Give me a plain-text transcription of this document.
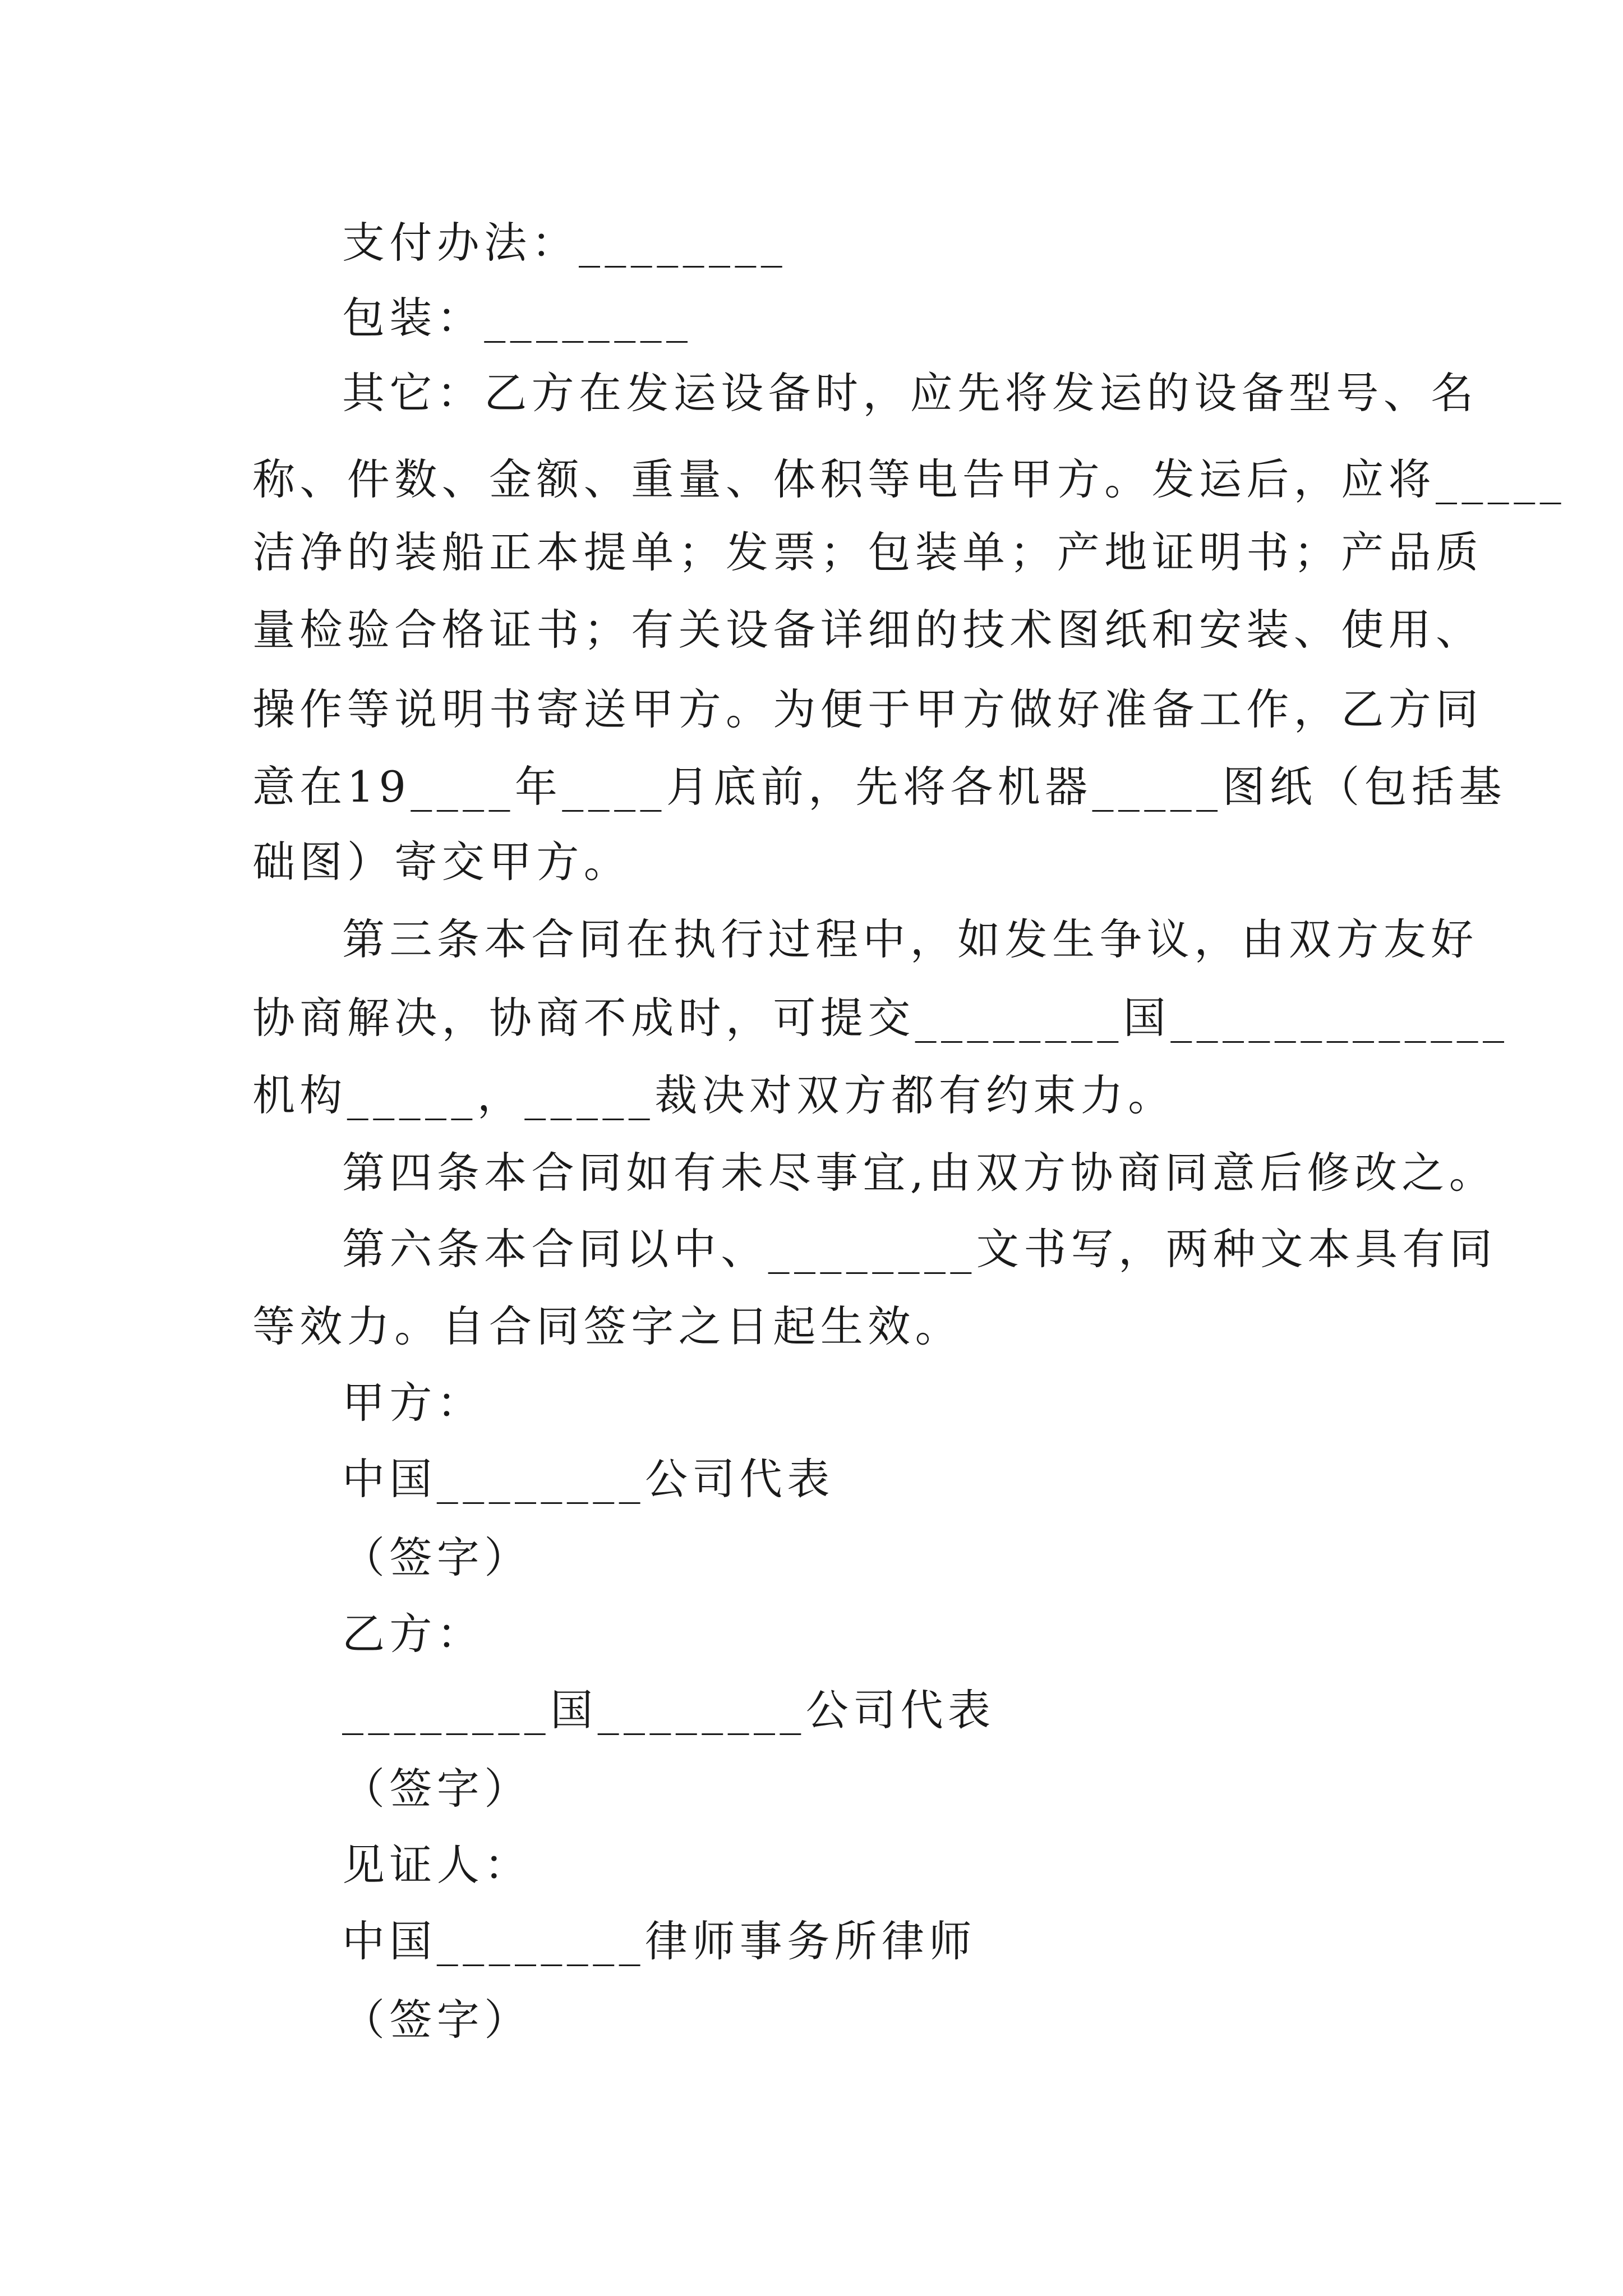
支付办法：________
包装：________
其它：乙方在发运设备时，应先将发运的设备型号、名
称、件数、金额、重量、体积等电告甲方。发运后，应将_____
洁净的装船正本提单；发票；包装单；产地证明书；产品质
量检验合格证书；有关设备详细的技术图纸和安装、使用、
操作等说明书寄送甲方。为便于甲方做好准备工作，乙方同
意在19____年____月底前，先将各机器_____图纸（包括基
础图）寄交甲方。
第三条本合同在执行过程中，如发生争议，由双方友好
协商解决，协商不成时，可提交________国_____________
机构_____，_____裁决对双方都有约束力。
第四条本合同如有未尽事宜,由双方协商同意后修改之。
第六条本合同以中、________文书写，两种文本具有同
等效力。自合同签字之日起生效。
甲方：
中国________公司代表
（签字）
乙方：
________国________公司代表
（签字）
见证人：
中国________律师事务所律师
（签字）
